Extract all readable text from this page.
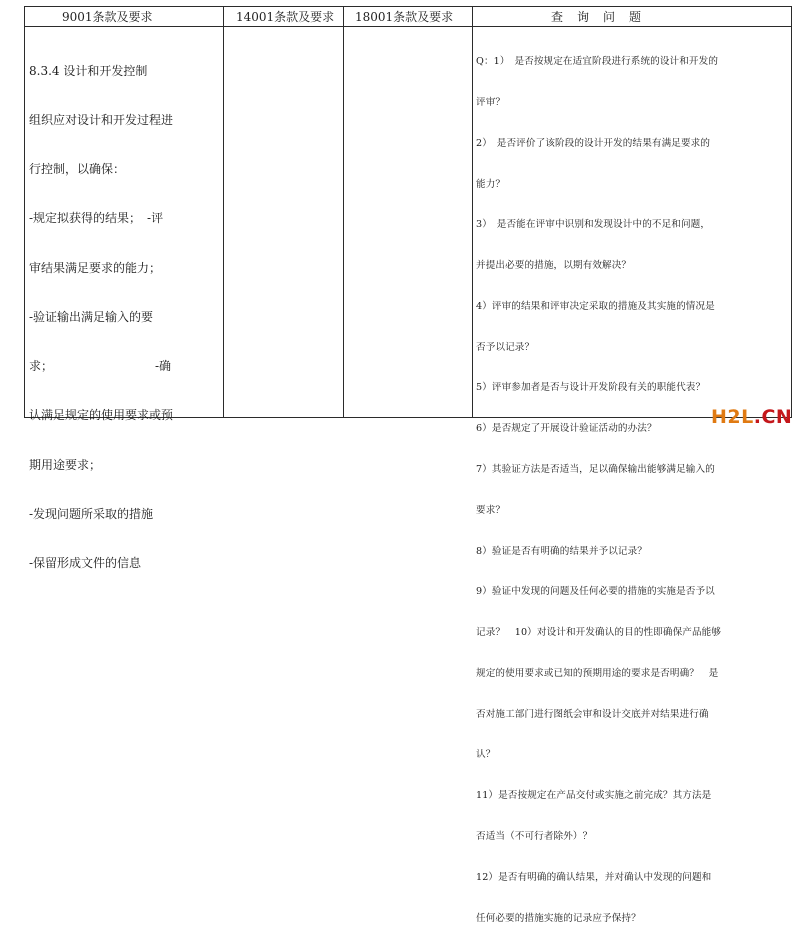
9001条款及要求	14001条款及要求 18001条款及要求	查　询　问　题

8.3.4 设计和开发控制

组织应对设计和开发过程进

行控制，以确保：

-规定拟获得的结果；　-评

审结果满足要求的能力；

-验证输出满足输入的要

求；　　　　　　　　　-确

认满足规定的使用要求或预

期用途要求；

-发现问题所采取的措施

-保留形成文件的信息

Q：1）　是否按规定在适宜阶段进行系统的设计和开发的

评审？

2）　是否评价了该阶段的设计开发的结果有满足要求的

能力？

3）　是否能在评审中识别和发现设计中的不足和问题，

并提出必要的措施，以期有效解决？

4）评审的结果和评审决定采取的措施及其实施的情况是

否予以记录？

5）评审参加者是否与设计开发阶段有关的职能代表？

6）是否规定了开展设计验证活动的办法？

7）其验证方法是否适当，足以确保输出能够满足输入的

要求？

8）验证是否有明确的结果并予以记录？

9）验证中发现的问题及任何必要的措施的实施是否予以

记录？　10）对设计和开发确认的目的性即确保产品能够

规定的使用要求或已知的预期用途的要求是否明确？　是

否对施工部门进行图纸会审和设计交底并对结果进行确

认？

11）是否按规定在产品交付或实施之前完成？其方法是

否适当（不可行者除外）？

12）是否有明确的确认结果，并对确认中发现的问题和

任何必要的措施实施的记录应予保持？

H2L.CN
